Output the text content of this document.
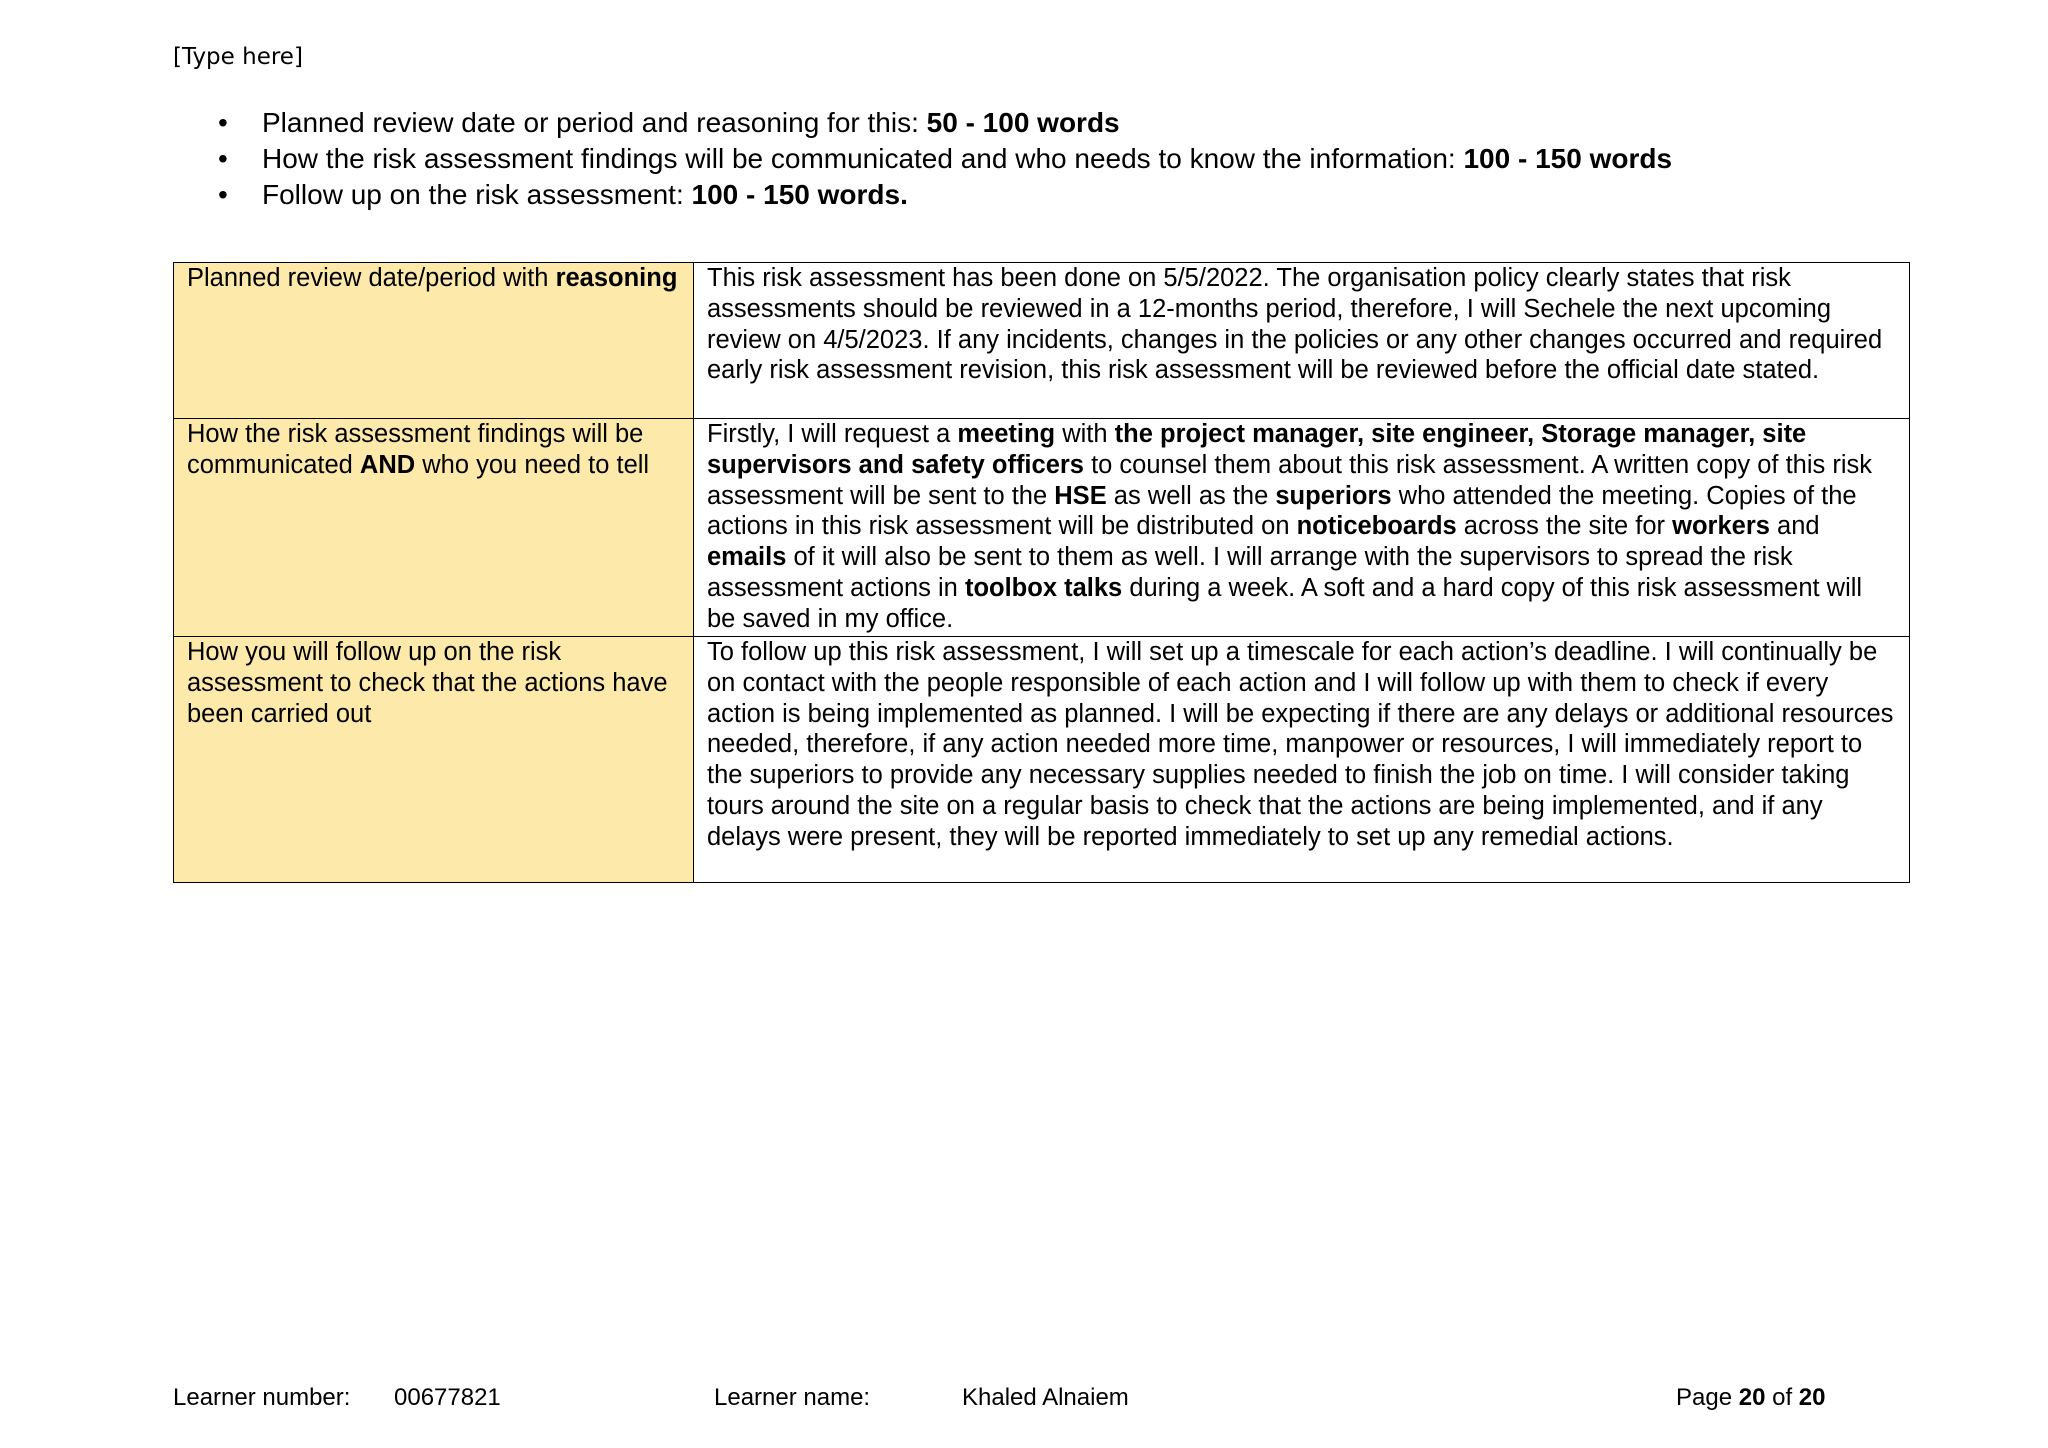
[Type here]
• Planned review date or period and reasoning for this: 50 - 100 words
• How the risk assessment findings will be communicated and who needs to know the information: 100 - 150 words
• Follow up on the risk assessment: 100 - 150 words.
Planned review date/period with reasoning	This risk assessment has been done on 5/5/2022. The organisation policy clearly states that risk assessments should be reviewed in a 12-months period, therefore, I will Sechele the next upcoming review on 4/5/2023. If any incidents, changes in the policies or any other changes occurred and required early risk assessment revision, this risk assessment will be reviewed before the official date stated.
How the risk assessment findings will be communicated AND who you need to tell	Firstly, I will request a meeting with the project manager, site engineer, Storage manager, site supervisors and safety officers to counsel them about this risk assessment. A written copy of this risk assessment will be sent to the HSE as well as the superiors who attended the meeting. Copies of the actions in this risk assessment will be distributed on noticeboards across the site for workers and emails of it will also be sent to them as well. I will arrange with the supervisors to spread the risk assessment actions in toolbox talks during a week. A soft and a hard copy of this risk assessment will be saved in my office.
How you will follow up on the risk assessment to check that the actions have been carried out	To follow up this risk assessment, I will set up a timescale for each action’s deadline. I will continually be on contact with the people responsible of each action and I will follow up with them to check if every action is being implemented as planned. I will be expecting if there are any delays or additional resources needed, therefore, if any action needed more time, manpower or resources, I will immediately report to the superiors to provide any necessary supplies needed to finish the job on time. I will consider taking tours around the site on a regular basis to check that the actions are being implemented, and if any delays were present, they will be reported immediately to set up any remedial actions.
Learner number: 00677821	Learner name:	Khaled Alnaiem	Page 20 of 20
